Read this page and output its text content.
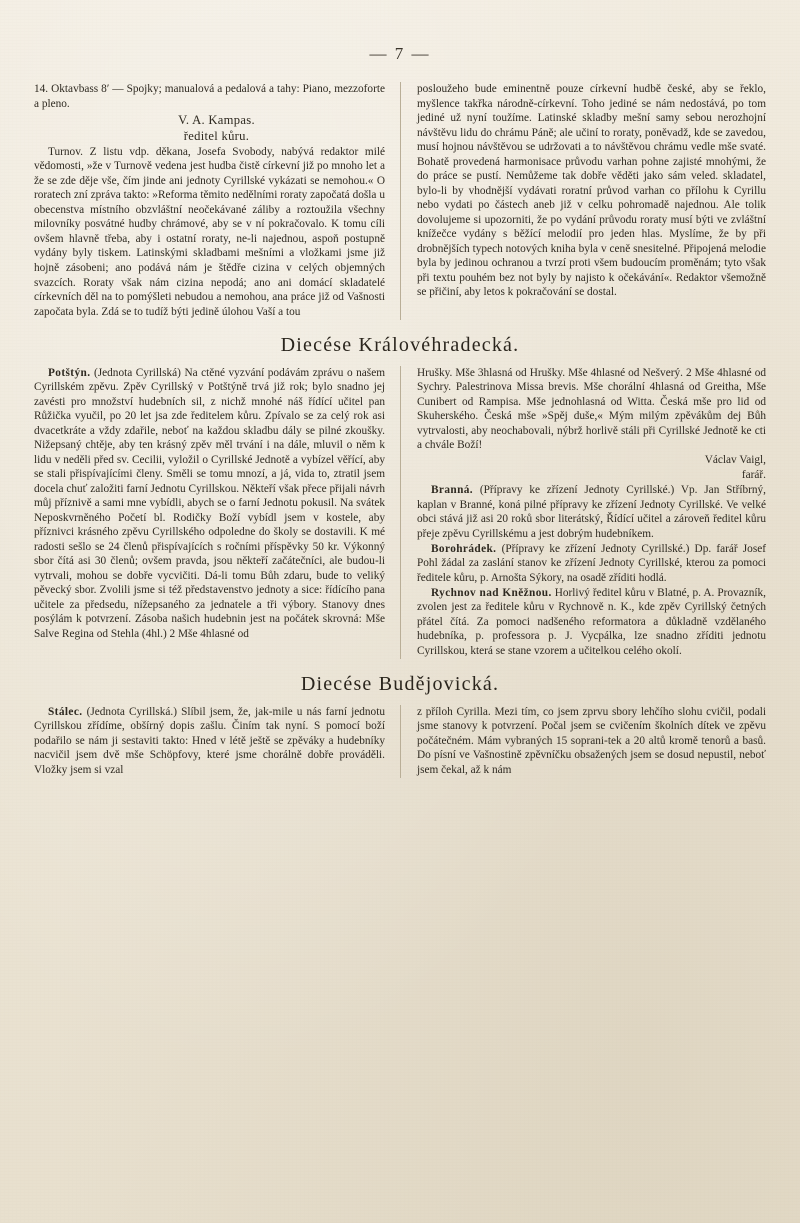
— 7 —

14. Oktavbass 8′ — Spojky; manualová a pedalová a tahy: Piano, mezzoforte a pleno.

V. A. Kampas.

ředitel kůru.

Turnov. Z listu vdp. děkana, Josefa Svobody, nabývá redaktor milé vědomosti, »že v Turnově vedena jest hudba čistě církevní již po mnoho let a že se zde děje vše, čím jinde ani jednoty Cyrillské vykázati se nemohou.« O roratech zní zpráva takto: »Reforma těmito nedělními roraty započatá došla u obecenstva místního obzvláštní neočekávané záliby a roztoužila všechny milovníky posvátné hudby chrámové, aby se v ní pokračovalo. K tomu cíli ovšem hlavně třeba, aby i ostatní roraty, ne-li najednou, aspoň postupně vydány byly tiskem. Latinskými skladbami mešními a vložkami jsme již hojně zásobeni; ano podává nám je štědře cizina v celých objemných svazcích. Roraty však nám cizina nepodá; ano ani domácí skladatelé církevních děl na to pomýšleti nebudou a nemohou, ana práce již od Vašnosti započata byla. Zdá se to tudíž býti jedině úlohou Vaší a tou

posloužeho bude eminentně pouze církevní hudbě české, aby se řeklo, myšlence takřka národně-církevní. Toho jediné se nám nedostává, po tom jediné už nyní toužíme. Latinské skladby mešní samy sebou nerozhojní návštěvu lidu do chrámu Páně; ale učiní to roraty, poněvadž, kde se zavedou, musí hojnou návštěvou se udržovati a to návštěvou chrámu vedle mše svaté. Bohatě provedená harmonisace průvodu varhan pohne zajisté mnohými, že do práce se pustí. Nemůžeme tak dobře věděti jako sám veled. skladatel, bylo-li by vhodnější vydávati roratní průvod varhan co přílohu k Cyrillu nebo vydati po částech aneb již v celku pohromadě najednou. Ale tolik dovolujeme si upozorniti, že po vydání průvodu roraty musí býti ve zvláštní knížečce vydány s běžící melodií pro jeden hlas. Myslíme, že by při drobnějších typech notových kniha byla v ceně snesitelné. Připojená melodie byla by jedinou ochranou a tvrzí proti všem budoucím proměnám; tyto však při textu pouhém bez not byly by najisto k očekávání«. Redaktor všemožně se přičiní, aby letos k pokračování se dostal.

Diecése Královéhradecká.

Potštýn. (Jednota Cyrillská) Na ctěné vyzvání podávám zprávu o našem Cyrillském zpěvu. Zpěv Cyrillský v Potštýně trvá již rok; bylo snadno jej zavésti pro množství hudebních sil, z nichž mnohé náš řídící učitel pan Růžička vyučil, po 20 let jsa zde ředitelem kůru. Zpívalo se za celý rok asi dvacetkráte a vždy zdařile, neboť na každou skladbu dály se pilné zkoušky. Nižepsaný chtěje, aby ten krásný zpěv měl trvání i na dále, mluvil o něm k lidu v neděli před sv. Cecilii, vyložil o Cyrillské Jednotě a vybízel věřící, aby se stali přispívajícími členy. Směli se tomu mnozí, a já, vida to, ztratil jsem docela chuť založiti farní Jednotu Cyrillskou. Někteří však přece přijali návrh můj příznivě a sami mne vybídli, abych se o farní Jednotu pokusil. Na svátek Neposkvrněného Početí bl. Rodičky Boží vybídl jsem v kostele, aby příznivci krásného zpěvu Cyrillského odpoledne do školy se dostavili. K mé radosti sešlo se 24 členů přispívajících s ročními příspěvky 50 kr. Výkonný sbor čítá asi 30 členů; ovšem pravda, jsou někteří začátečníci, ale budou-li vytrvali, mohou se dobře vycvičiti. Dá-li tomu Bůh zdaru, bude to veliký pěvecký sbor. Zvolili jsme si též představenstvo jednoty a sice: řídícího pana učitele za předsedu, nížepsaného za jednatele a tři výbory. Stanovy dnes posýlám k potvrzení. Zásoba našich hudebnin jest na počátek skrovná: Mše Salve Regina od Stehla (4hl.) 2 Mše 4hlasné od

Hrušky. Mše 3hlasná od Hrušky. Mše 4hlasné od Nešverý. 2 Mše 4hlasné od Sychry. Palestrinova Missa brevis. Mše chorální 4hlasná od Greitha, Mše Cunibert od Rampisa. Mše jednohlasná od Witta. Česká mše pro lid od Skuherského. Česká mše »Spěj duše,« Mým milým zpěvákům dej Bůh vytrvalosti, aby neochabovali, nýbrž horlivě stáli při Cyrillské Jednotě ke cti a chvále Boží!

Václav Vaigl,

farář.

Branná. (Přípravy ke zřízení Jednoty Cyrillské.) Vp. Jan Stříbrný, kaplan v Branné, koná pilné přípravy ke zřízení Jednoty Cyrillské. Ve velké obci stává již asi 20 roků sbor literátský, Řídící učitel a zároveň ředitel kůru přeje zpěvu Cyrillskému a jest dobrým hudebníkem.

Borohrádek. (Přípravy ke zřízení Jednoty Cyrillské.) Dp. farář Josef Pohl žádal za zaslání stanov ke zřízení Jednoty Cyrillské, kterou za pomoci ředitele kůru, p. Arnošta Sýkory, na osadě zříditi hodlá.

Rychnov nad Kněžnou. Horlivý ředitel kůru v Blatné, p. A. Provazník, zvolen jest za ředitele kůru v Rychnově n. K., kde zpěv Cyrillský četných přátel čítá. Za pomoci nadšeného reformatora a důkladně vzdělaného hudebníka, p. professora p. J. Vycpálka, lze snadno zříditi jednotu Cyrillskou, která se stane vzorem a učitelkou celého okolí.

Diecése Budějovická.

Stálec. (Jednota Cyrillská.) Slíbil jsem, že, jak-mile u nás farní jednotu Cyrillskou zřídíme, obšírný dopis zašlu. Činím tak nyní. S pomocí boží podařilo se nám ji sestaviti takto: Hned v létě ještě se zpěváky a hudebníky nacvičil jsem dvě mše Schöpfovy, které jsme chorálně dobře prováděli. Vložky jsem si vzal

z příloh Cyrilla. Mezi tím, co jsem zprvu sbory lehčího slohu cvičil, podali jsme stanovy k potvrzení. Počal jsem se cvičením školních dítek ve zpěvu počátečném. Mám vybraných 15 soprani-tek a 20 altů kromě tenorů a basů. Do písní ve Vašnostině zpěvníčku obsažených jsem se dosud nepustil, neboť jsem čekal, až k nám
